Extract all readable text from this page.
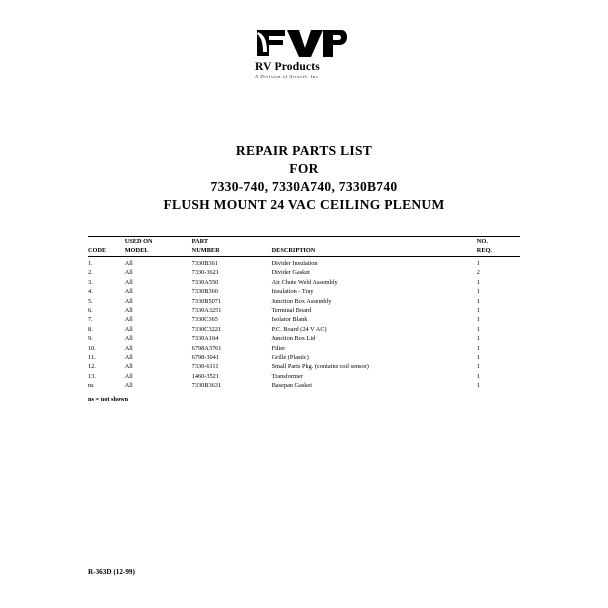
RV Products
A Division of Airxcel, Inc.
REPAIR PARTS LIST
FOR
7330-740, 7330A740, 7330B740
FLUSH MOUNT 24 VAC CEILING PLENUM
	USED ON	PART		NO.
CODE	MODEL	NUMBER	DESCRIPTION	REQ.
1.	All	7330B361	Divider Insulation	1
2.	All	7330-3621	Divider Gasket	2
3.	All	7330A550	Air Chute Weld Assembly	1
4.	All	7330B360	Insulation - Tray	1
5.	All	7330B5071	Junction Box Assembly	1
6.	All	7330A3251	Terminal Board	1
7.	All	7330C365	Isolator Blank	1
8.	All	7330C3221	P.C. Board (24 V AC)	1
9.	All	7330A104	Junction Box Lid	1
10.	All	6798A3761	Filter	1
11.	All	6798-3041	Grille (Plastic)	1
12.	All	7330-6111	Small Parts Pkg. (contains coil sensor)	1
13.	All	1460-3521	Transformer	1
ns	All	7330B3631	Basepan Gasket	1
ns = not shown
R-363D (12-99)
